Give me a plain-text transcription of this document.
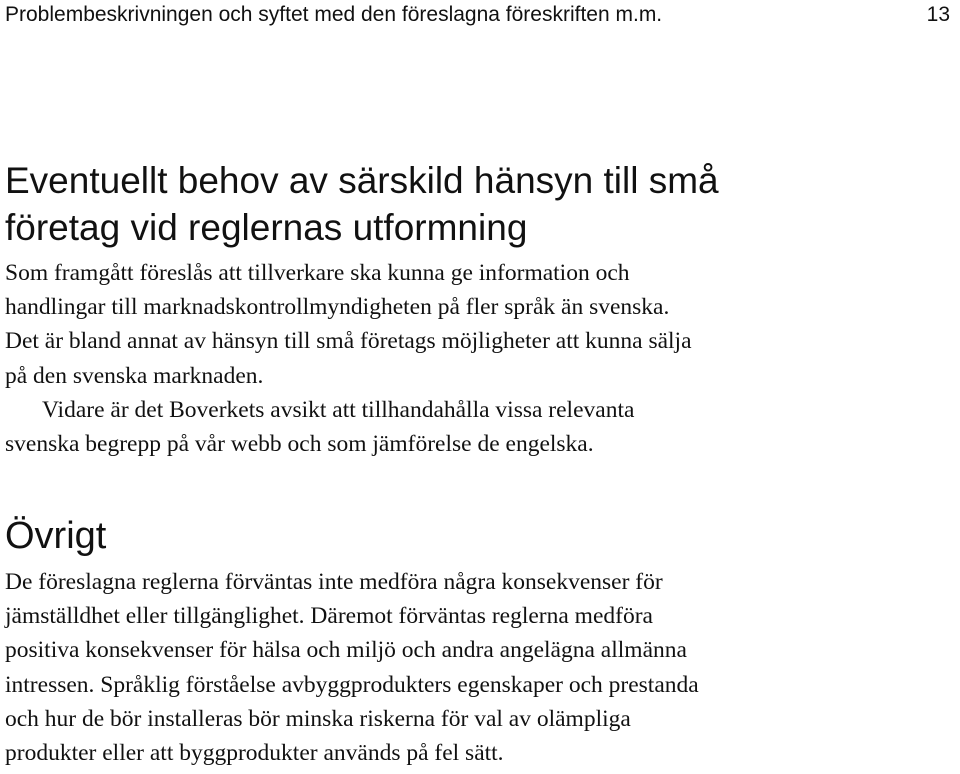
Problembeskrivningen och syftet med den föreslagna föreskriften m.m.	13
Eventuellt behov av särskild hänsyn till små
företag vid reglernas utformning

Som framgått föreslås att tillverkare ska kunna ge information och
handlingar till marknadskontrollmyndigheten på fler språk än svenska.
Det är bland annat av hänsyn till små företags möjligheter att kunna sälja
på den svenska marknaden.

Vidare är det Boverkets avsikt att tillhandahålla vissa relevanta
svenska begrepp på vår webb och som jämförelse de engelska.

Övrigt

De föreslagna reglerna förväntas inte medföra några konsekvenser för
jämställdhet eller tillgänglighet. Däremot förväntas reglerna medföra
positiva konsekvenser för hälsa och miljö och andra angelägna allmänna
intressen. Språklig förståelse avbyggprodukters egenskaper och prestanda
och hur de bör installeras bör minska riskerna för val av olämpliga
produkter eller att byggprodukter används på fel sätt.
